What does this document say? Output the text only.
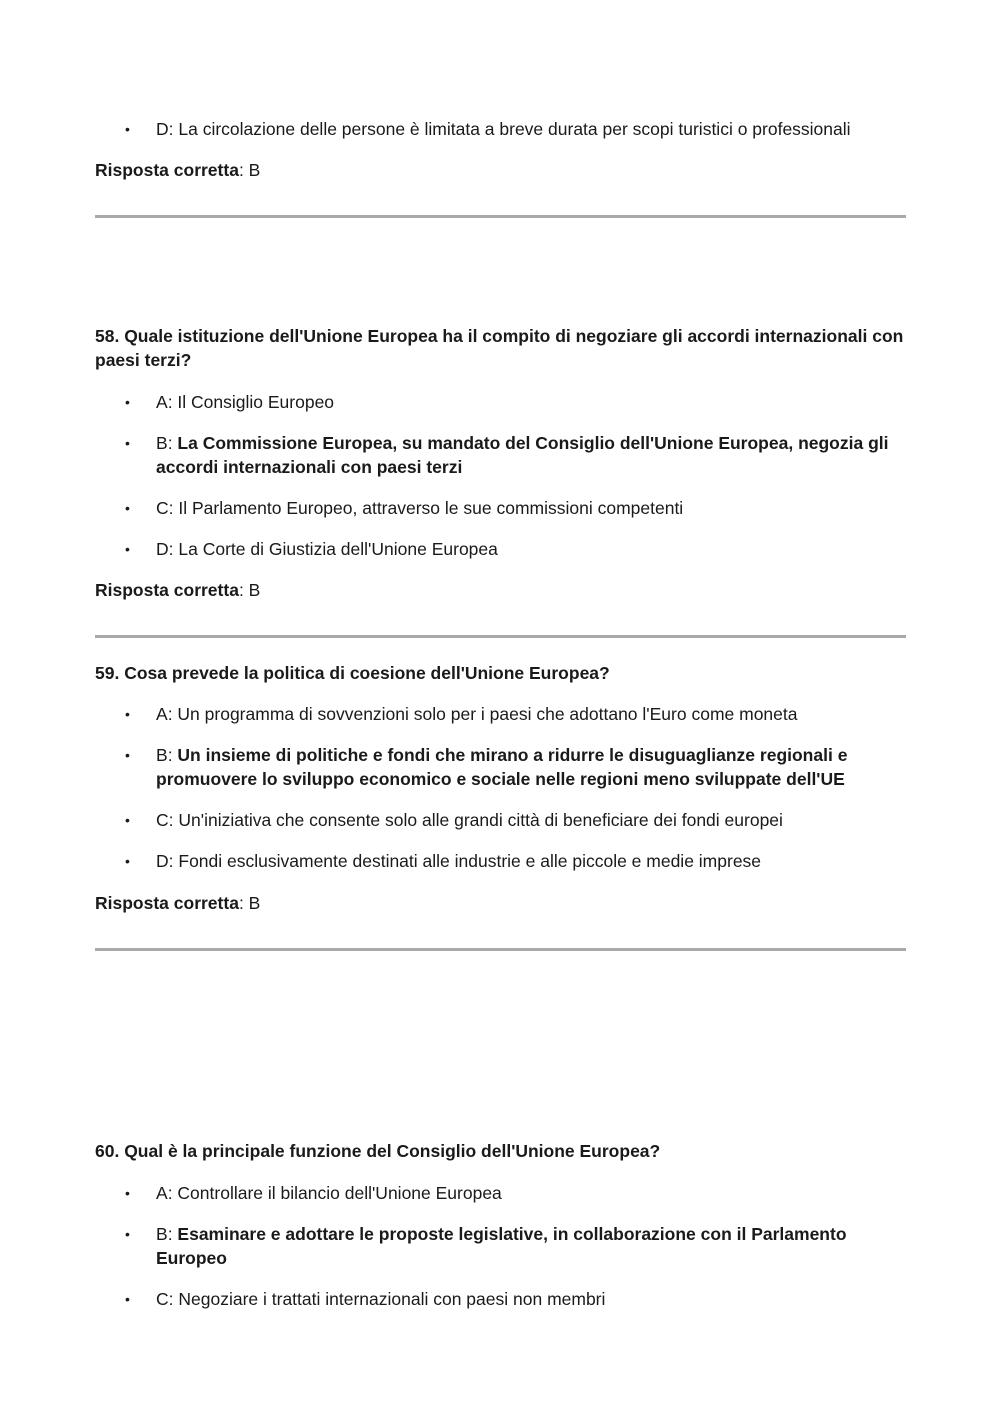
• D: La circolazione delle persone è limitata a breve durata per scopi turistici o professionali
Risposta corretta: B

58. Quale istituzione dell'Unione Europea ha il compito di negoziare gli accordi internazionali con paesi terzi?

• A: Il Consiglio Europeo
• B: La Commissione Europea, su mandato del Consiglio dell'Unione Europea, negozia gli accordi internazionali con paesi terzi
• C: Il Parlamento Europeo, attraverso le sue commissioni competenti
• D: La Corte di Giustizia dell'Unione Europea
Risposta corretta: B

59. Cosa prevede la politica di coesione dell'Unione Europea?

• A: Un programma di sovvenzioni solo per i paesi che adottano l'Euro come moneta
• B: Un insieme di politiche e fondi che mirano a ridurre le disuguaglianze regionali e promuovere lo sviluppo economico e sociale nelle regioni meno sviluppate dell'UE
• C: Un'iniziativa che consente solo alle grandi città di beneficiare dei fondi europei
• D: Fondi esclusivamente destinati alle industrie e alle piccole e medie imprese
Risposta corretta: B

60. Qual è la principale funzione del Consiglio dell'Unione Europea?

• A: Controllare il bilancio dell'Unione Europea
• B: Esaminare e adottare le proposte legislative, in collaborazione con il Parlamento Europeo
• C: Negoziare i trattati internazionali con paesi non membri
